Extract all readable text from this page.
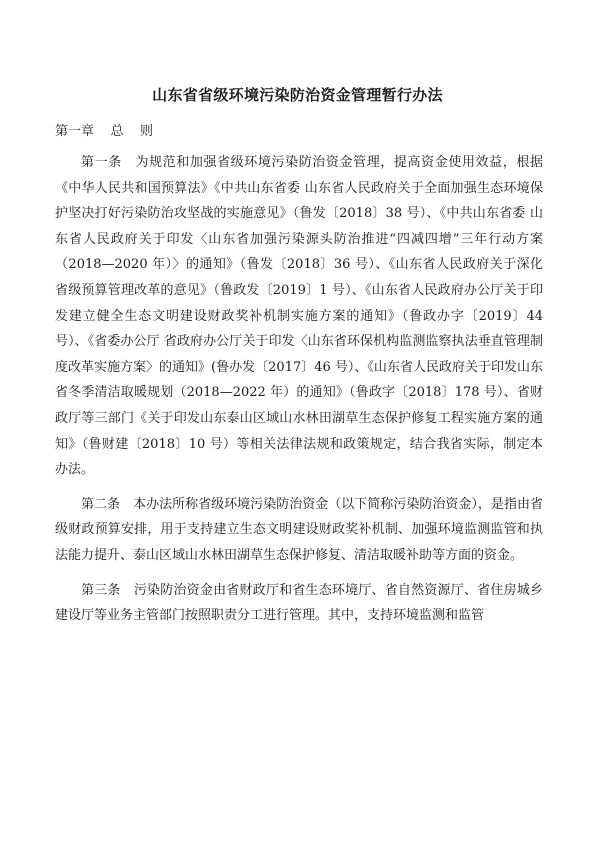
山东省省级环境污染防治资金管理暂行办法

第一章    总    则

第一条　 为规范和加强省级环境污染防治资金管理，提高资金使用效益，根据《中华人民共和国预算法》《中共山东省委 山东省人民政府关于全面加强生态环境保护坚决打好污染防治攻坚战的实施意见》（鲁发〔2018〕38 号）、《中共山东省委 山东省人民政府关于印发〈山东省加强污染源头防治推进“四减四增”三年行动方案（2018—2020 年）〉的通知》（鲁发〔2018〕36 号）、《山东省人民政府关于深化省级预算管理改革的意见》（鲁政发〔2019〕1 号）、《山东省人民政府办公厅关于印发建立健全生态文明建设财政奖补机制实施方案的通知》（鲁政办字〔2019〕44 号）、《省委办公厅 省政府办公厅关于印发〈山东省环保机构监测监察执法垂直管理制度改革实施方案〉的通知》(鲁办发〔2017〕46 号）、《山东省人民政府关于印发山东省冬季清洁取暖规划（2018—2022 年）的通知》（鲁政字〔2018〕178 号）、省财政厅等三部门《关于印发山东泰山区域山水林田湖草生态保护修复工程实施方案的通知》（鲁财建〔2018〕10 号）等相关法律法规和政策规定，结合我省实际，制定本办法。

第二条　 本办法所称省级环境污染防治资金（以下简称污染防治资金），是指由省级财政预算安排，用于支持建立生态文明建设财政奖补机制、加强环境监测监管和执法能力提升、泰山区域山水林田湖草生态保护修复、清洁取暖补助等方面的资金。

第三条　 污染防治资金由省财政厅和省生态环境厅、省自然资源厅、省住房城乡建设厅等业务主管部门按照职责分工进行管理。其中，支持环境监测和监管
